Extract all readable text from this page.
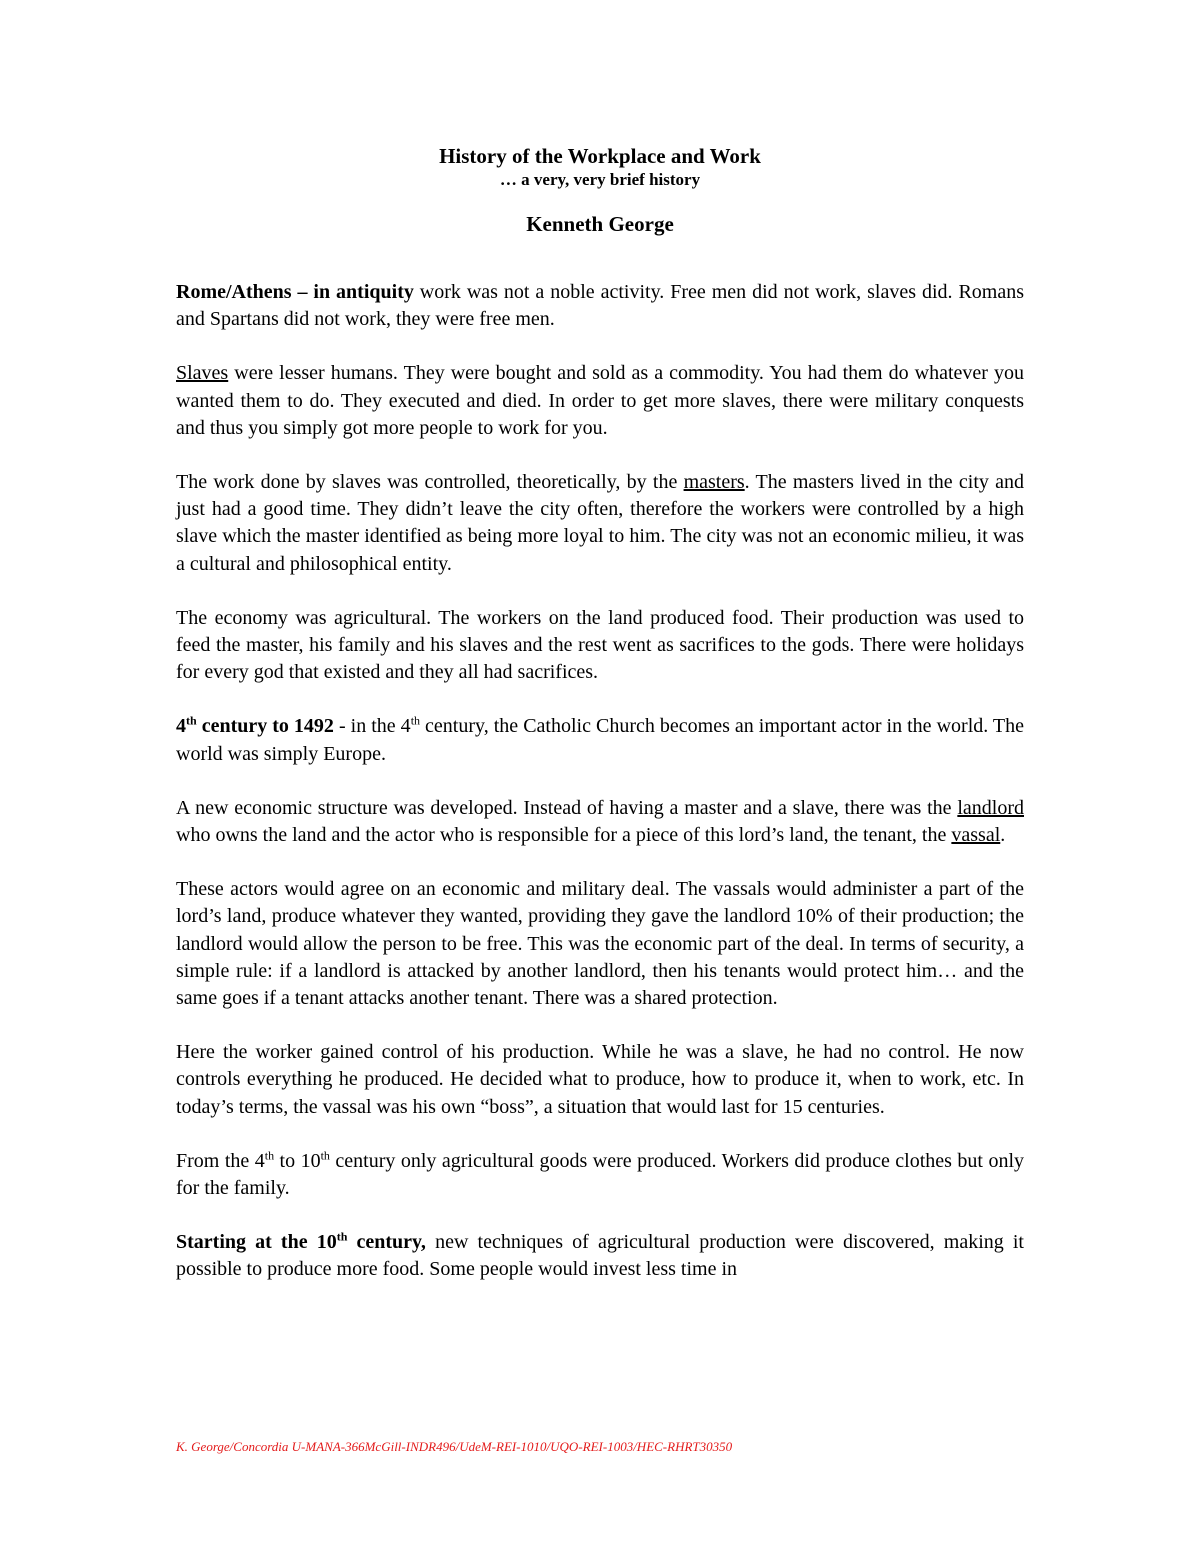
History of the Workplace and Work
… a very, very brief history
Kenneth George

Rome/Athens – in antiquity work was not a noble activity. Free men did not work, slaves did. Romans and Spartans did not work, they were free men.

Slaves were lesser humans. They were bought and sold as a commodity. You had them do whatever you wanted them to do. They executed and died. In order to get more slaves, there were military conquests and thus you simply got more people to work for you.

The work done by slaves was controlled, theoretically, by the masters. The masters lived in the city and just had a good time. They didn’t leave the city often, therefore the workers were controlled by a high slave which the master identified as being more loyal to him. The city was not an economic milieu, it was a cultural and philosophical entity.

The economy was agricultural. The workers on the land produced food. Their production was used to feed the master, his family and his slaves and the rest went as sacrifices to the gods. There were holidays for every god that existed and they all had sacrifices.

4th century to 1492 - in the 4th century, the Catholic Church becomes an important actor in the world. The world was simply Europe.

A new economic structure was developed. Instead of having a master and a slave, there was the landlord who owns the land and the actor who is responsible for a piece of this lord’s land, the tenant, the vassal.

These actors would agree on an economic and military deal. The vassals would administer a part of the lord’s land, produce whatever they wanted, providing they gave the landlord 10% of their production; the landlord would allow the person to be free. This was the economic part of the deal. In terms of security, a simple rule: if a landlord is attacked by another landlord, then his tenants would protect him… and the same goes if a tenant attacks another tenant. There was a shared protection.

Here the worker gained control of his production. While he was a slave, he had no control. He now controls everything he produced. He decided what to produce, how to produce it, when to work, etc. In today’s terms, the vassal was his own “boss”, a situation that would last for 15 centuries.

From the 4th to 10th century only agricultural goods were produced. Workers did produce clothes but only for the family.

Starting at the 10th century, new techniques of agricultural production were discovered, making it possible to produce more food. Some people would invest less time in

K. George/Concordia U-MANA-366McGill-INDR496/UdeM-REI-1010/UQO-REI-1003/HEC-RHRT30350
